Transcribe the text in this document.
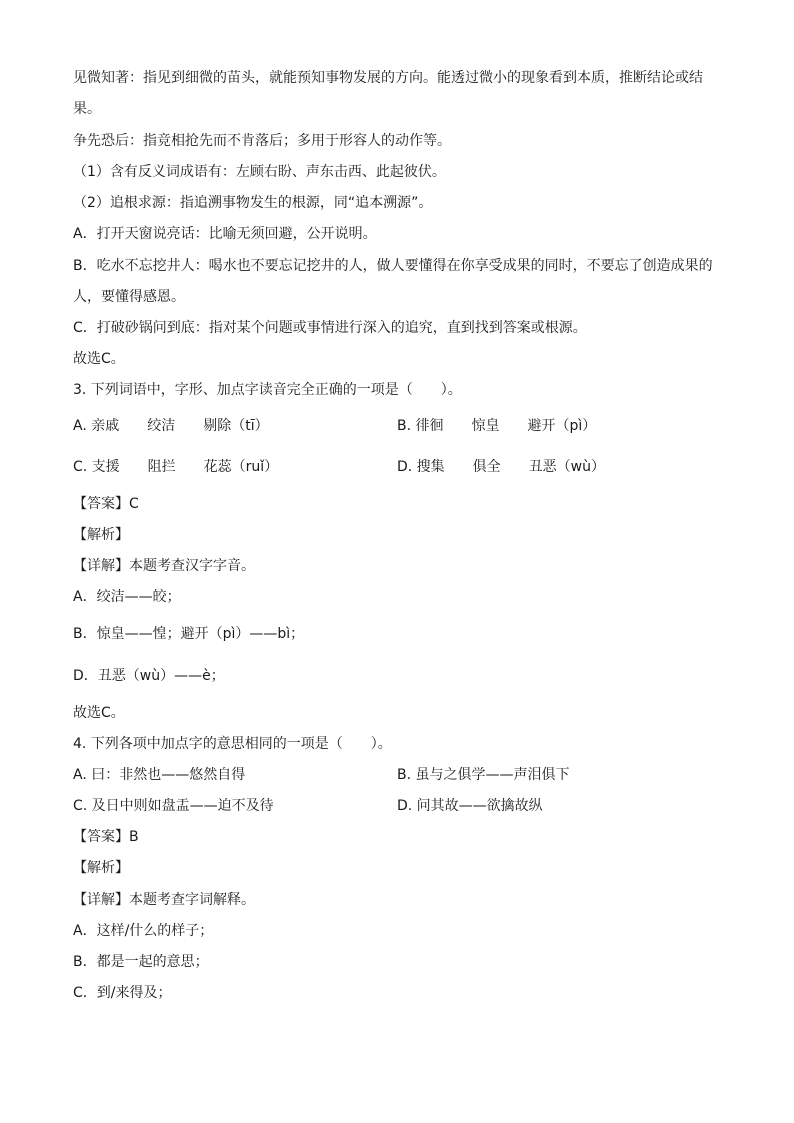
见微知著：指见到细微的苗头，就能预知事物发展的方向。能透过微小的现象看到本质，推断结论或结
果。
争先恐后：指竞相抢先而不肯落后；多用于形容人的动作等。
（1）含有反义词成语有：左顾右盼、声东击西、此起彼伏。
（2）追根求源：指追溯事物发生的根源，同“追本溯源”。
A．打开天窗说亮话：比喻无须回避，公开说明。
B．吃水不忘挖井人：喝水也不要忘记挖井的人，做人要懂得在你享受成果的同时，不要忘了创造成果的
人，要懂得感恩。
C．打破砂锅问到底：指对某个问题或事情进行深入的追究，直到找到答案或根源。
故选C。
3. 下列词语中，字形、加点字读音完全正确的一项是（　　）。
A. 亲戚　　绞洁　　剔除（tī）	B. 徘徊　　惊皇　　避开（pì）
C. 支援　　阻拦　　花蕊（ruǐ）	D. 搜集　　俱全　　丑恶（wù）
【答案】C
【解析】
【详解】本题考查汉字字音。
A．绞洁——皎；
B．惊皇——惶；避开（pì）——bì；
D．丑恶（wù）——è；
故选C。
4. 下列各项中加点字的意思相同的一项是（　　）。
A. 曰：非然也——悠然自得	B. 虽与之俱学——声泪俱下
C. 及日中则如盘盂——迫不及待	D. 问其故——欲擒故纵
【答案】B
【解析】
【详解】本题考查字词解释。
A．这样/什么的样子；
B．都是一起的意思；
C．到/来得及；
